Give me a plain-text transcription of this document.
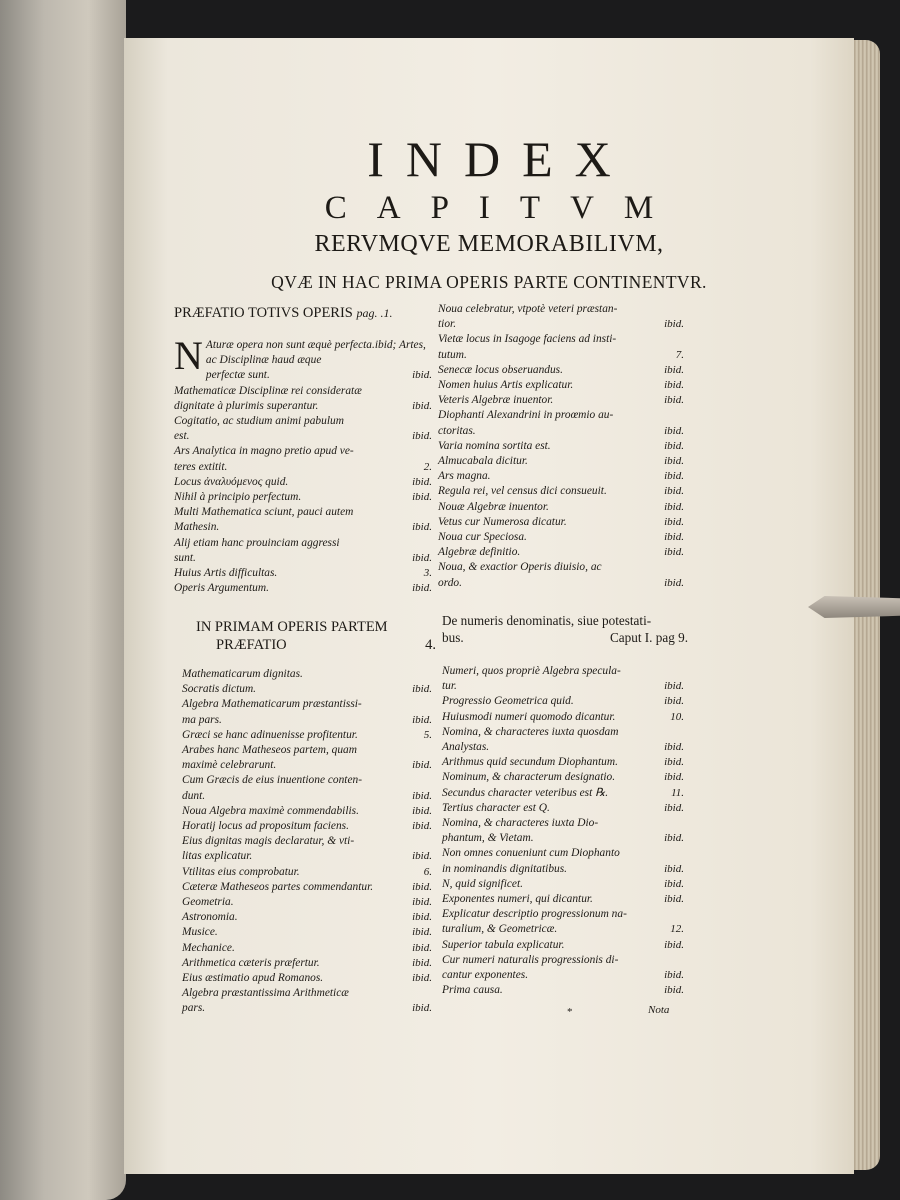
INDEX
CAPITVM
RERVMQVE MEMORABILIVM,
QVÆ IN HAC PRIMA OPERIS PARTE CONTINENTVR.
PRÆFATIO TOTIVS OPERIS pag. .1.
N Aturæ opera non sunt æquè perfecta.ibid; Artes, ac Disciplinæ haud æque
perfectæ sunt.	ibid.
Mathematicæ Disciplinæ rei consideratæ
dignitate à plurimis superantur.	ibid.
Cogitatio, ac studium animi pabulum
est.	ibid.
Ars Analytica in magno pretio apud ve-
teres extitit.	2.
Locus ἀναλυόμενος quid.	ibid.
Nihil à principio perfectum.	ibid.
Multi Mathematica sciunt, pauci autem
Mathesin.	ibid.
Alij etiam hanc prouinciam aggressi
sunt.	ibid.
Huius Artis difficultas.	3.
Operis Argumentum.	ibid.
IN PRIMAM OPERIS PARTEM
PRÆFATIO	4.
Mathematicarum dignitas.
Socratis dictum.	ibid.
Algebra Mathematicarum præstantissi-
ma pars.	ibid.
Græci se hanc adinuenisse profitentur.	5.
Arabes hanc Matheseos partem, quam
maximè celebrarunt.	ibid.
Cum Græcis de eius inuentione conten-
dunt.	ibid.
Noua Algebra maximè commendabilis.	ibid.
Horatij locus ad propositum faciens.	ibid.
Eius dignitas magis declaratur, & vti-
litas explicatur.	ibid.
Vtilitas eius comprobatur.	6.
Cæteræ Matheseos partes commendantur.	ibid.
Geometria.	ibid.
Astronomia.	ibid.
Musice.	ibid.
Mechanice.	ibid.
Arithmetica cæteris præfertur.	ibid.
Eius æstimatio apud Romanos.	ibid.
Algebra præstantissima Arithmeticæ
pars.	ibid.
Noua celebratur, vtpotè veteri præstan-
tior.	ibid.
Vietæ locus in Isagoge faciens ad insti-
tutum.	7.
Senecæ locus obseruandus.	ibid.
Nomen huius Artis explicatur.	ibid.
Veteris Algebræ inuentor.	ibid.
Diophanti Alexandrini in proœmio au-
ctoritas.	ibid.
Varia nomina sortita est.	ibid.
Almucabala dicitur.	ibid.
Ars magna.	ibid.
Regula rei, vel census dici consueuit.	ibid.
Nouæ Algebræ inuentor.	ibid.
Vetus cur Numerosa dicatur.	ibid.
Noua cur Speciosa.	ibid.
Algebræ definitio.	ibid.
Noua, & exactior Operis diuisio, ac
ordo.	ibid.
De numeris denominatis, siue potestati-
bus.	Caput I. pag 9.
Numeri, quos propriè Algebra specula-
tur.	ibid.
Progressio Geometrica quid.	ibid.
Huiusmodi numeri quomodo dicantur.	10.
Nomina, & characteres iuxta quosdam
Analystas.	ibid.
Arithmus quid secundum Diophantum.	ibid.
Nominum, & characterum designatio.	ibid.
Secundus character veteribus est ℞.	11.
Tertius character est Q.	ibid.
Nomina, & characteres iuxta Dio-
phantum, & Vietam.	ibid.
Non omnes conueniunt cum Diophanto
in nominandis dignitatibus.	ibid.
N, quid significet.	ibid.
Exponentes numeri, qui dicantur.	ibid.
Explicatur descriptio progressionum na-
turalium, & Geometricæ.	12.
Superior tabula explicatur.	ibid.
Cur numeri naturalis progressionis di-
cantur exponentes.	ibid.
Prima causa.	ibid.
*	Nota
